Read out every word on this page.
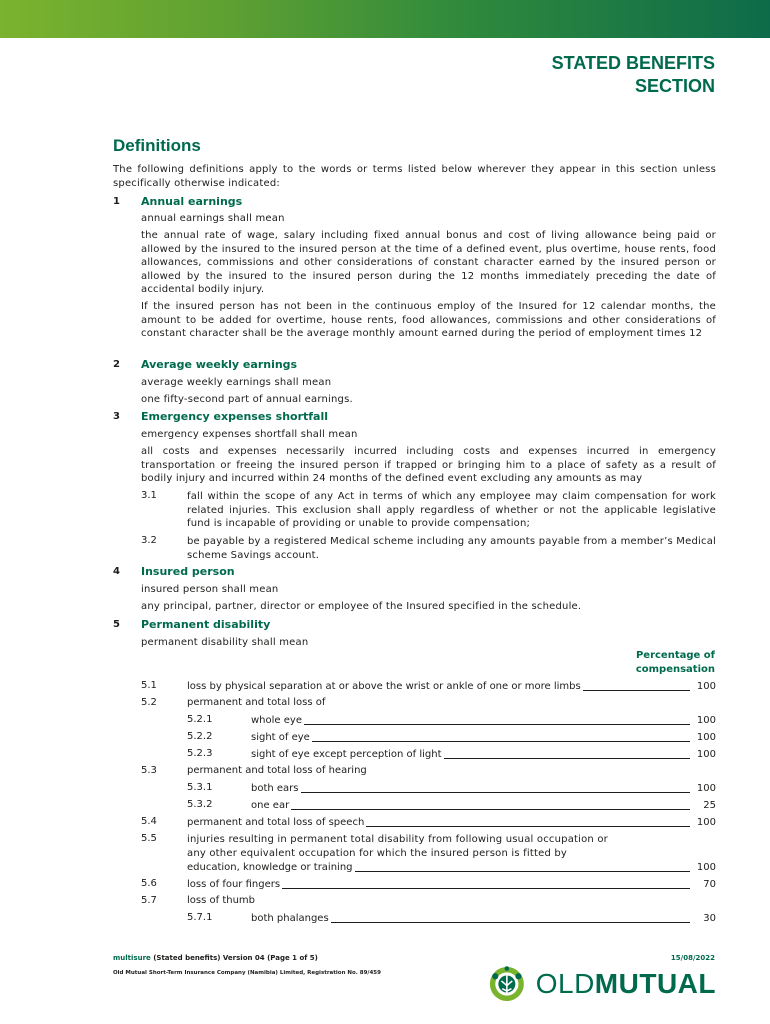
STATED BENEFITS
SECTION
Definitions
The following definitions apply to the words or terms listed below wherever they appear in this section unless specifically otherwise indicated:
1 Annual earnings
annual earnings shall mean
the annual rate of wage, salary including fixed annual bonus and cost of living allowance being paid or allowed by the insured to the insured person at the time of a defined event, plus overtime, house rents, food allowances, commissions and other considerations of constant character earned by the insured person or allowed by the insured to the insured person during the 12 months immediately preceding the date of accidental bodily injury.
If the insured person has not been in the continuous employ of the Insured for 12 calendar months, the amount to be added for overtime, house rents, food allowances, commissions and other considerations of constant character shall be the average monthly amount earned during the period of employment times 12
2 Average weekly earnings
average weekly earnings shall mean
one fifty-second part of annual earnings.
3 Emergency expenses shortfall
emergency expenses shortfall shall mean
all costs and expenses necessarily incurred including costs and expenses incurred in emergency transportation or freeing the insured person if trapped or bringing him to a place of safety as a result of bodily injury and incurred within 24 months of the defined event excluding any amounts as may
3.1	fall within the scope of any Act in terms of which any employee may claim compensation for work related injuries. This exclusion shall apply regardless of whether or not the applicable legislative fund is incapable of providing or unable to provide compensation;
3.2	be payable by a registered Medical scheme including any amounts payable from a member’s Medical scheme Savings account.
4 Insured person
insured person shall mean
any principal, partner, director or employee of the Insured specified in the schedule.
5 Permanent disability
permanent disability shall mean
Percentage of
compensation
5.1	loss by physical separation at or above the wrist or ankle of one or more limbs	100
5.2	permanent and total loss of
5.2.1	whole eye	100
5.2.2	sight of eye	100
5.2.3	sight of eye except perception of light	100
5.3	permanent and total loss of hearing
5.3.1	both ears	100
5.3.2	one ear	25
5.4	permanent and total loss of speech	100
5.5	injuries resulting in permanent total disability from following usual occupation or
any other equivalent occupation for which the insured person is fitted by
education, knowledge or training	100
5.6	loss of four fingers	70
5.7	loss of thumb
5.7.1	both phalanges	30
multisure (Stated benefits) Version 04 (Page 1 of 5)
Old Mutual Short-Term Insurance Company (Namibia) Limited, Registration No. 89/459
15/08/2022
OLDMUTUAL
